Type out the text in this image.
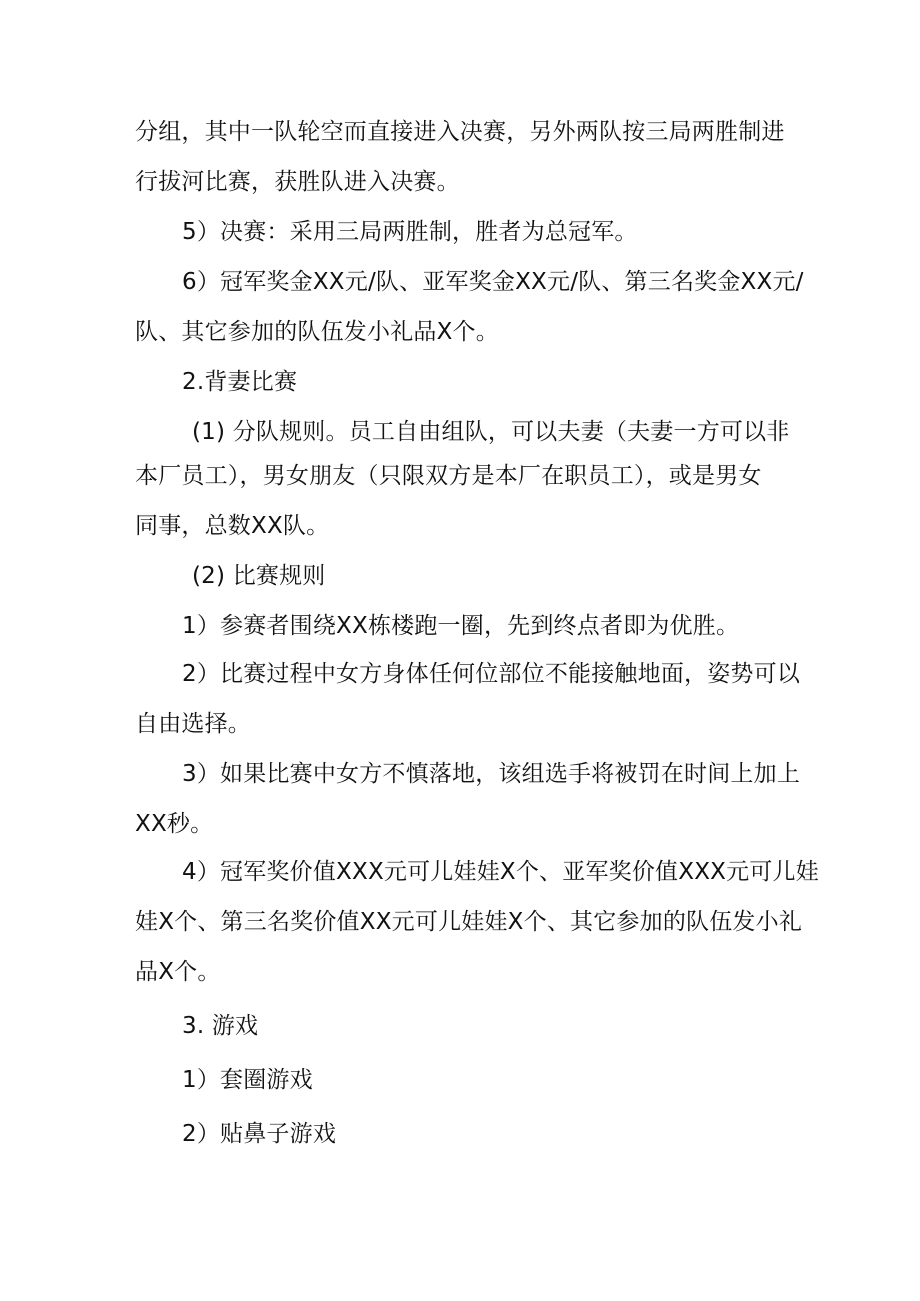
分组，其中一队轮空而直接进入决赛，另外两队按三局两胜制进
行拔河比赛，获胜队进入决赛。
5）决赛：采用三局两胜制，胜者为总冠军。
6）冠军奖金XX元/队、亚军奖金XX元/队、第三名奖金XX元/
队、其它参加的队伍发小礼品X个。
2.背妻比赛
(1) 分队规则。员工自由组队，可以夫妻（夫妻一方可以非
本厂员工），男女朋友（只限双方是本厂在职员工），或是男女
同事，总数XX队。
(2) 比赛规则
1）参赛者围绕XX栋楼跑一圈，先到终点者即为优胜。
2）比赛过程中女方身体任何位部位不能接触地面，姿势可以
自由选择。
3）如果比赛中女方不慎落地，该组选手将被罚在时间上加上
XX秒。
4）冠军奖价值XXX元可儿娃娃X个、亚军奖价值XXX元可儿娃
娃X个、第三名奖价值XX元可儿娃娃X个、其它参加的队伍发小礼
品X个。
3. 游戏
1）套圈游戏
2）贴鼻子游戏
